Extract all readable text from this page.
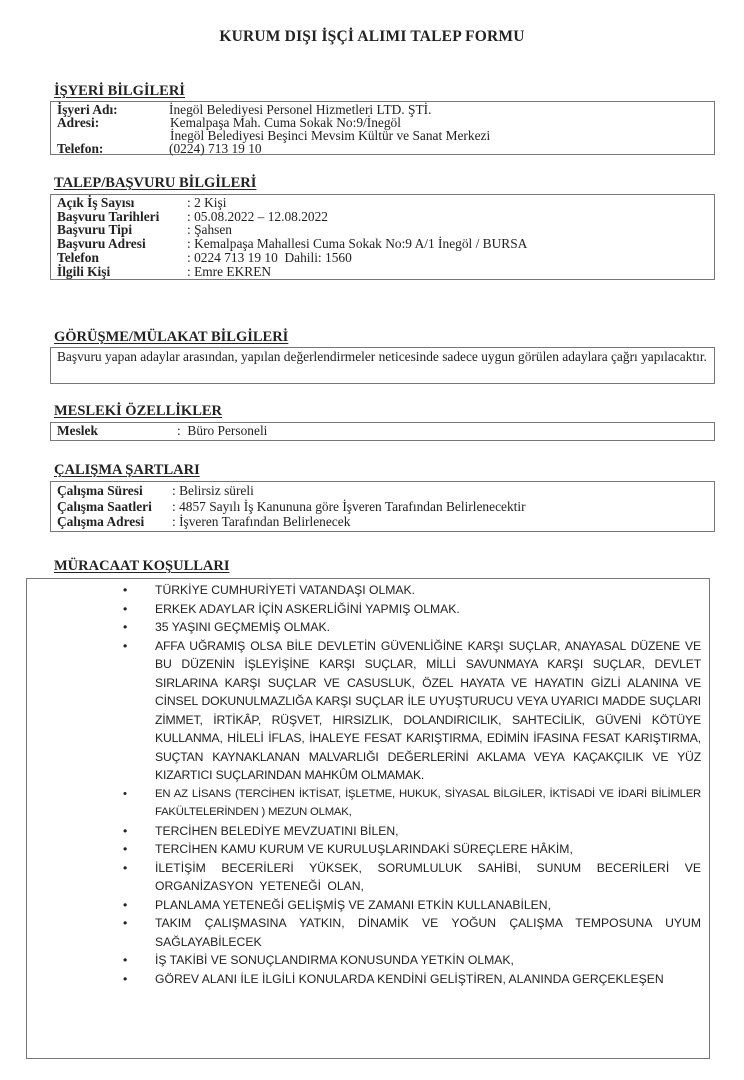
KURUM DIŞI İŞÇİ ALIMI TALEP FORMU
İŞYERİ BİLGİLERİ
İşyeri Adı:	İnegöl Belediyesi Personel Hizmetleri LTD. ŞTİ.
Adresi:	Kemalpaşa Mah. Cuma Sokak No:9/İnegöl
İnegöl Belediyesi Beşinci Mevsim Kültür ve Sanat Merkezi
Telefon:	(0224) 713 19 10
TALEP/BAŞVURU BİLGİLERİ
Açık İş Sayısı	: 2 Kişi
Başvuru Tarihleri	: 05.08.2022 – 12.08.2022
Başvuru Tipi	: Şahsen
Başvuru Adresi	: Kemalpaşa Mahallesi Cuma Sokak No:9 A/1 İnegöl / BURSA
Telefon	: 0224 713 19 10  Dahili: 1560
İlgili Kişi	: Emre EKREN
GÖRÜŞME/MÜLAKAT BİLGİLERİ
Başvuru yapan adaylar arasından, yapılan değerlendirmeler neticesinde sadece uygun görülen adaylara çağrı yapılacaktır.
MESLEKİ ÖZELLİKLER
Meslek	:  Büro Personeli
ÇALIŞMA ŞARTLARI
Çalışma Süresi	: Belirsiz süreli
Çalışma Saatleri	: 4857 Sayılı İş Kanununa göre İşveren Tarafından Belirlenecektir
Çalışma Adresi	: İşveren Tarafından Belirlenecek
MÜRACAAT KOŞULLARI
• TÜRKİYE CUMHURİYETİ VATANDAŞI OLMAK.
• ERKEK ADAYLAR İÇİN ASKERLİĞİNİ YAPMIŞ OLMAK.
• 35 YAŞINI GEÇMEMİŞ OLMAK.
• AFFA UĞRAMIŞ OLSA BİLE DEVLETİN GÜVENLİĞİNE KARŞI SUÇLAR, ANAYASAL DÜZENE VE BU DÜZENİN İŞLEYİŞİNE KARŞI SUÇLAR, MİLLİ SAVUNMAYA KARŞI SUÇLAR, DEVLET SIRLARINA KARŞI SUÇLAR VE CASUSLUK, ÖZEL HAYATA VE HAYATIN GİZLİ ALANINA VE CİNSEL DOKUNULMAZLIĞA KARŞI SUÇLAR İLE UYUŞTURUCU VEYA UYARICI MADDE SUÇLARI ZİMMET, İRTİKÂP, RÜŞVET, HIRSIZLIK, DOLANDIRICILIK, SAHTECİLİK, GÜVENİ KÖTÜYE KULLANMA, HİLELİ İFLAS, İHALEYE FESAT KARIŞTIRMA, EDİMİN İFASINA FESAT KARIŞTIRMA, SUÇTAN KAYNAKLANAN MALVARLIĞI DEĞERLERİNİ AKLAMA VEYA KAÇAKÇILIK VE YÜZ KIZARTICI SUÇLARINDAN MAHKÛM OLMAMAK.
• EN AZ LİSANS (TERCİHEN İKTİSAT, İŞLETME, HUKUK, SİYASAL BİLGİLER, İKTİSADİ VE İDARİ BİLİMLER FAKÜLTELERİNDEN ) MEZUN OLMAK,
• TERCİHEN BELEDİYE MEVZUATINI BİLEN,
• TERCİHEN KAMU KURUM VE KURULUŞLARINDAKİ SÜREÇLERE HÂKİM,
• İLETİŞİM BECERİLERİ YÜKSEK, SORUMLULUK SAHİBİ, SUNUM BECERİLERİ VE ORGANİZASYON YETENEĞİ OLAN,
• PLANLAMA YETENEĞİ GELİŞMİŞ VE ZAMANI ETKİN KULLANABİLEN,
• TAKIM ÇALIŞMASINA YATKIN, DİNAMİK VE YOĞUN ÇALIŞMA TEMPOSUNA UYUM SAĞLAYABİLECEK
• İŞ TAKİBİ VE SONUÇLANDIRMA KONUSUNDA YETKİN OLMAK,
• GÖREV ALANI İLE İLGİLİ KONULARDA KENDİNİ GELİŞTİREN, ALANINDA GERÇEKLEŞEN
